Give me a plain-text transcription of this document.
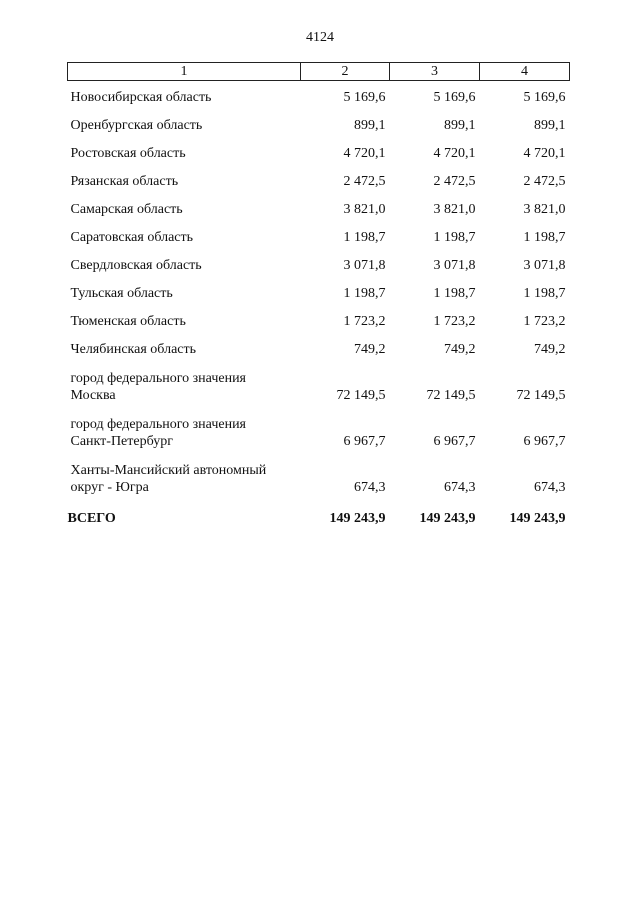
4124
1	2	3	4
Новосибирская область	5 169,6	5 169,6	5 169,6
Оренбургская область	899,1	899,1	899,1
Ростовская область	4 720,1	4 720,1	4 720,1
Рязанская область	2 472,5	2 472,5	2 472,5
Самарская область	3 821,0	3 821,0	3 821,0
Саратовская область	1 198,7	1 198,7	1 198,7
Свердловская область	3 071,8	3 071,8	3 071,8
Тульская область	1 198,7	1 198,7	1 198,7
Тюменская область	1 723,2	1 723,2	1 723,2
Челябинская область	749,2	749,2	749,2
город федерального значения
Москва	72 149,5	72 149,5	72 149,5
город федерального значения
Санкт-Петербург	6 967,7	6 967,7	6 967,7
Ханты-Мансийский автономный
округ - Югра	674,3	674,3	674,3
ВСЕГО	149 243,9	149 243,9	149 243,9
